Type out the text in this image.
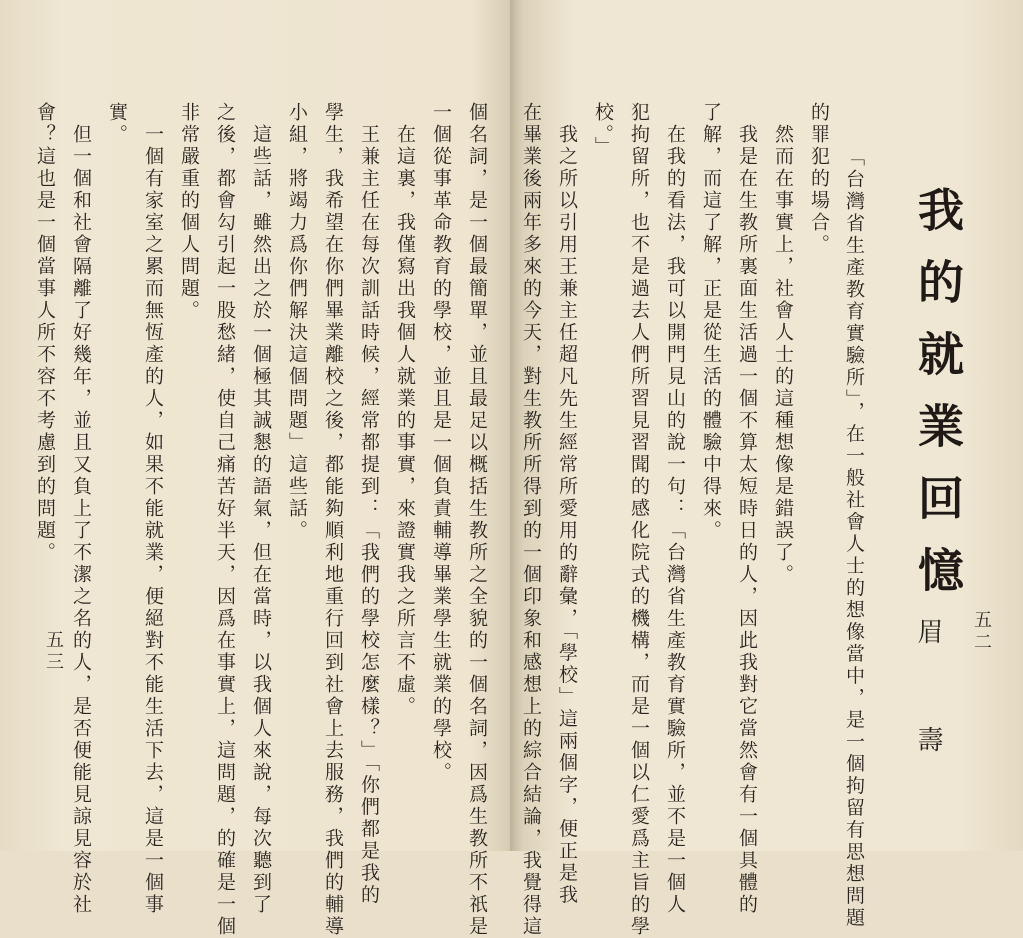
個名詞，是一個最簡單，並且最足以概括生教所之全貌的一個名詞，因爲生教所不祇是
一個從事革命教育的學校，並且是一個負責輔導畢業學生就業的學校。
　在這裏，我僅寫出我個人就業的事實，來證實我之所言不虛。
　王兼主任在每次訓話時候，經常都提到：「我們的學校怎麼樣？」「你們都是我的
學生，我希望在你們畢業離校之後，都能夠順利地重行回到社會上去服務，我們的輔導
小組，將竭力爲你們解決這個問題」這些話。
　這些話，雖然出之於一個極其誠懇的語氣，但在當時，以我個人來說，每次聽到了
之後，都會勾引起一股愁緒，使自己痛苦好半天，因爲在事實上，這問題，的確是一個
非常嚴重的個人問題。
　一個有家室之累而無恆產的人，如果不能就業，便絕對不能生活下去，這是一個事
實。
　但一個和社會隔離了好幾年，並且又負上了不潔之名的人，是否便能見諒見容於社
會？這也是一個當事人所不容不考慮到的問題。
五三	五二
我的就業回憶
眉　壽
的罪犯的場合。 「台灣省生產教育實驗所」，在一般社會人士的想像當中，是一個拘留有思想問題
　然而在事實上，社會人士的這種想像是錯誤了。
　我是在生教所裏面生活過一個不算太短時日的人，因此我對它當然會有一個具體的
了解，而這了解，正是從生活的體驗中得來。
　在我的看法，我可以開門見山的說一句：「台灣省生產教育實驗所，並不是一個人
犯拘留所，也不是過去人們所習見習聞的感化院式的機構，而是一個以仁愛爲主旨的學
校。」
　我之所以引用王兼主任超凡先生經常所愛用的辭彙，「學校」這兩個字，便正是我
在畢業後兩年多來的今天，對生教所所得到的一個印象和感想上的綜合結論，我覺得這
